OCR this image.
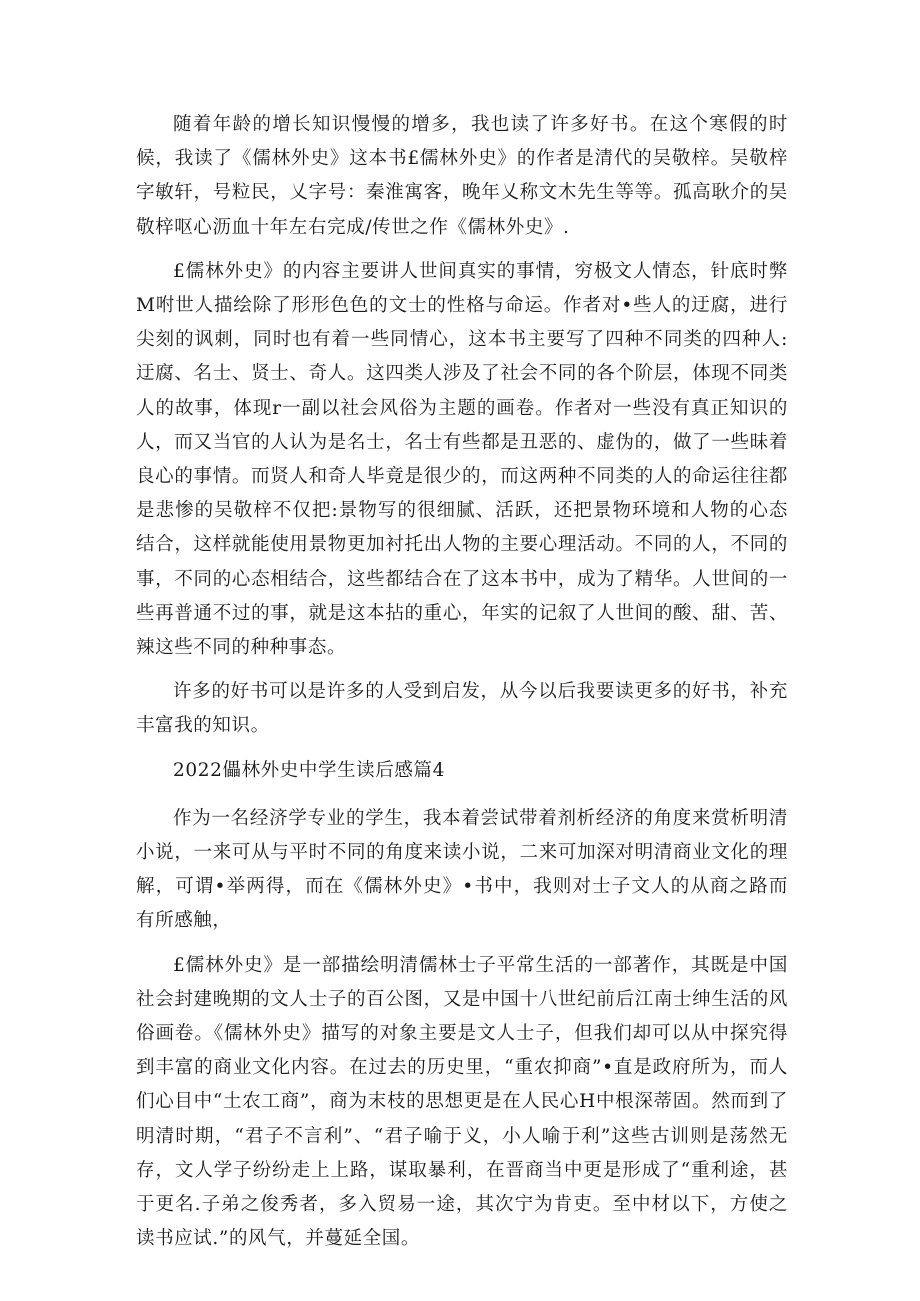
随着年龄的增长知识慢慢的增多，我也读了许多好书。在这个寒假的时候，我读了《儒林外史》这本书£儒林外史》的作者是清代的吴敬梓。吴敬梓字敏轩，号粒民，乂字号：秦淮寓客，晚年乂称文木先生等等。孤高耿介的吴敬梓呕心沥血十年左右完成/传世之作《儒林外史》.

£儒林外史》的内容主要讲人世间真实的事情，穷极文人情态，针底时弊M咐世人描绘除了形形色色的文士的性格与命运。作者对•些人的迂腐，进行尖刻的讽刺，同时也有着一些同情心，这本书主要写了四种不同类的四种人:迂腐、名士、贤士、奇人。这四类人涉及了社会不同的各个阶层，体现不同类人的故事，体现r一副以社会风俗为主题的画卷。作者对一些没有真正知识的人，而又当官的人认为是名士，名士有些都是丑恶的、虚伪的，做了一些昧着良心的事情。而贤人和奇人毕竟是很少的，而这两种不同类的人的命运往往都是悲惨的吴敬梓不仅把:景物写的很细腻、活跃，还把景物环境和人物的心态结合，这样就能使用景物更加衬托出人物的主要心理活动。不同的人，不同的事，不同的心态相结合，这些都结合在了这本书中，成为了精华。人世间的一些再普通不过的事，就是这本拈的重心，年实的记叙了人世间的酸、甜、苦、辣这些不同的种种事态。

许多的好书可以是许多的人受到启发，从今以后我要读更多的好书，补充丰富我的知识。

2022儡林外史中学生读后感篇4

作为一名经济学专业的学生，我本着尝试带着剂析经济的角度来赏析明清小说，一来可从与平时不同的角度来读小说，二来可加深对明清商业文化的理解，可谓•举两得，而在《儒林外史》•书中，我则对士子文人的从商之路而有所感触，

£儒林外史》是一部描绘明清儒林士子平常生活的一部著作，其既是中国社会封建晚期的文人士子的百公图，又是中国十八世纪前后江南士绅生活的风俗画卷。《儒林外史》描写的对象主要是文人士子，但我们却可以从中探究得到丰富的商业文化内容。在过去的历史里，“重农抑商”•直是政府所为，而人们心目中“土农工商”，商为末枝的思想更是在人民心H中根深蒂固。然而到了明清时期，“君子不言利”、“君子喻于义，小人喻于利”这些古训则是荡然无存，文人学子纷纷走上上路，谋取暴利，在晋商当中更是形成了“重利途，甚于更名.子弟之俊秀者，多入贸易一途，其次宁为肯吏。至中材以下，方使之读书应试.”的风气，并蔓延全国。
